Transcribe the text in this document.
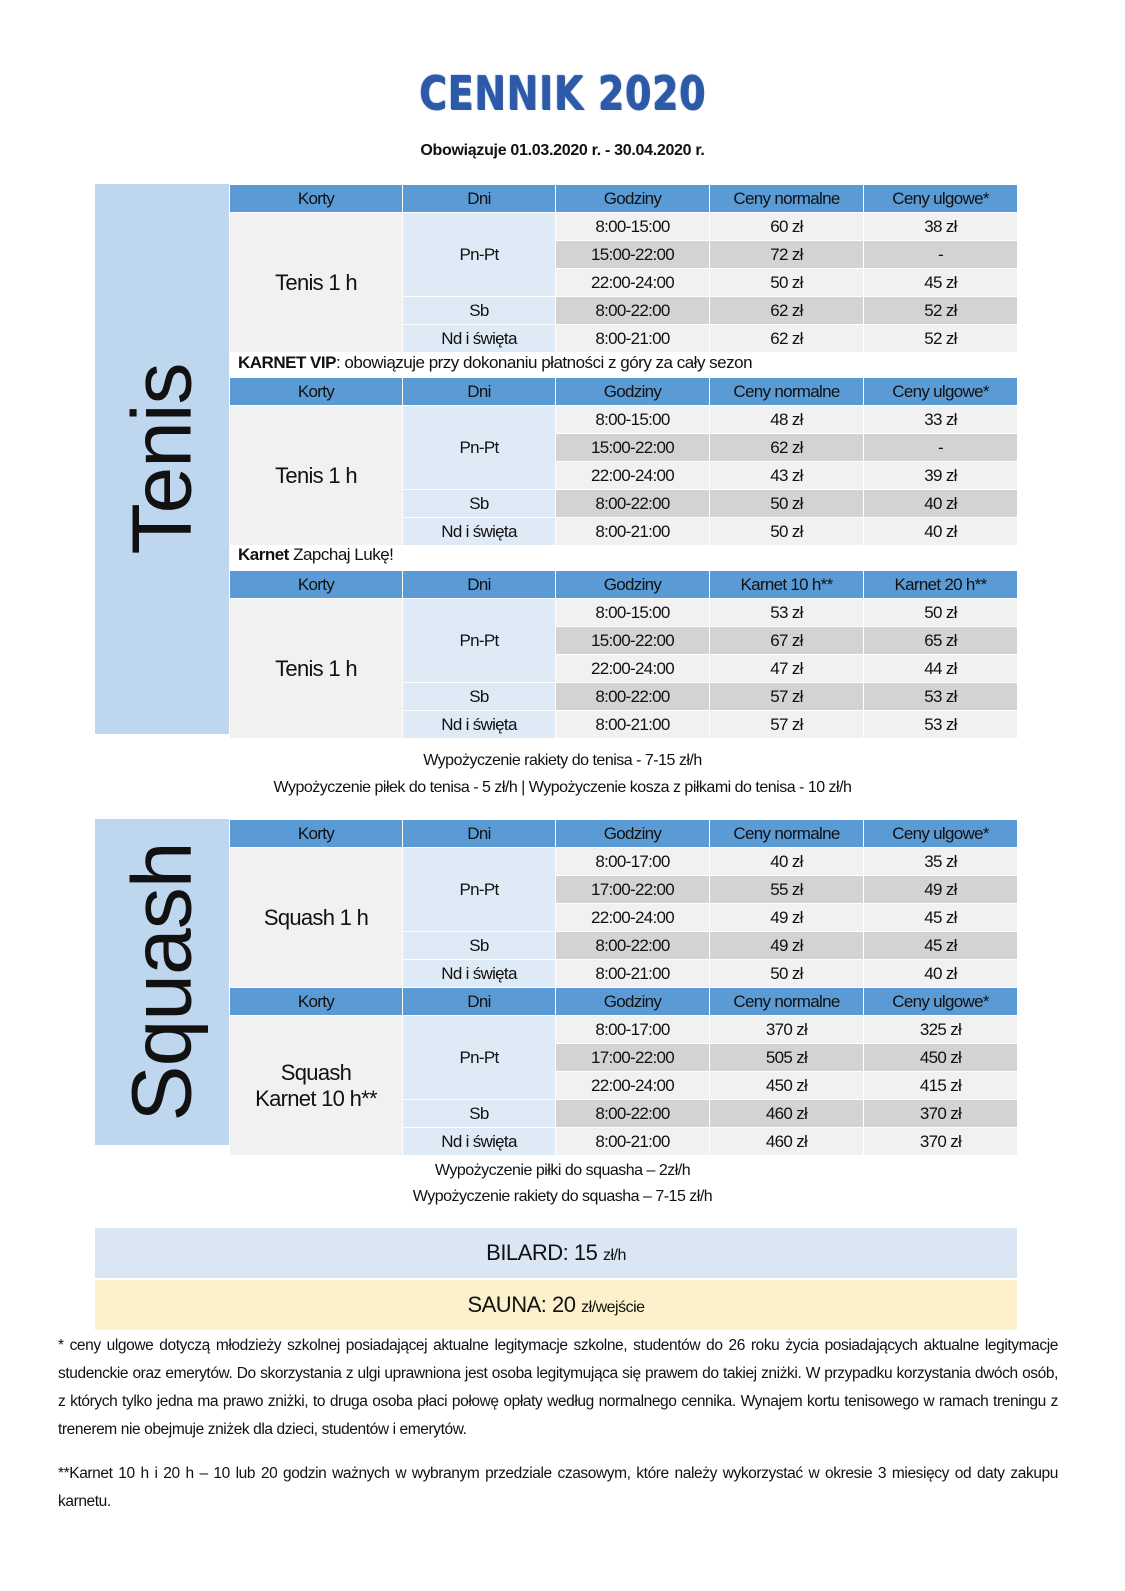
CENNIK 2020
Obowiązuje 01.03.2020 r. - 30.04.2020 r.
Tenis
Korty	Dni	Godziny	Ceny normalne	Ceny ulgowe*
Tenis 1 h	Pn-Pt	8:00-15:00	60 zł	38 zł
		15:00-22:00	72 zł	-
		22:00-24:00	50 zł	45 zł
	Sb	8:00-22:00	62 zł	52 zł
	Nd i święta	8:00-21:00	62 zł	52 zł
KARNET VIP: obowiązuje przy dokonaniu płatności z góry za cały sezon
Korty	Dni	Godziny	Ceny normalne	Ceny ulgowe*
Tenis 1 h	Pn-Pt	8:00-15:00	48 zł	33 zł
		15:00-22:00	62 zł	-
		22:00-24:00	43 zł	39 zł
	Sb	8:00-22:00	50 zł	40 zł
	Nd i święta	8:00-21:00	50 zł	40 zł
Karnet Zapchaj Lukę!
Korty	Dni	Godziny	Karnet 10 h**	Karnet 20 h**
Tenis 1 h	Pn-Pt	8:00-15:00	53 zł	50 zł
		15:00-22:00	67 zł	65 zł
		22:00-24:00	47 zł	44 zł
	Sb	8:00-22:00	57 zł	53 zł
	Nd i święta	8:00-21:00	57 zł	53 zł
Wypożyczenie rakiety do tenisa - 7-15 zł/h
Wypożyczenie piłek do tenisa - 5 zł/h | Wypożyczenie kosza z piłkami do tenisa - 10 zł/h
Squash
Korty	Dni	Godziny	Ceny normalne	Ceny ulgowe*
Squash 1 h	Pn-Pt	8:00-17:00	40 zł	35 zł
		17:00-22:00	55 zł	49 zł
		22:00-24:00	49 zł	45 zł
	Sb	8:00-22:00	49 zł	45 zł
	Nd i święta	8:00-21:00	50 zł	40 zł
Korty	Dni	Godziny	Ceny normalne	Ceny ulgowe*

Squash
Karnet 10 h**	Pn-Pt	8:00-17:00	370 zł	325 zł
		17:00-22:00	505 zł	450 zł
		22:00-24:00	450 zł	415 zł
	Sb	8:00-22:00	460 zł	370 zł
	Nd i święta	8:00-21:00	460 zł	370 zł
Wypożyczenie piłki do squasha – 2zł/h
Wypożyczenie rakiety do squasha – 7-15 zł/h
BILARD: 15 zł/h
SAUNA: 20 zł/wejście
* ceny ulgowe dotyczą młodzieży szkolnej posiadającej aktualne legitymacje szkolne, studentów do 26 roku życia posiadających aktualne legitymacje studenckie oraz emerytów. Do skorzystania z ulgi uprawniona jest osoba legitymująca się prawem do takiej zniżki. W przypadku korzystania dwóch osób, z których tylko jedna ma prawo zniżki, to druga osoba płaci połowę opłaty według normalnego cennika. Wynajem kortu tenisowego w ramach treningu z trenerem nie obejmuje zniżek dla dzieci, studentów i emerytów.
**Karnet 10 h i 20 h – 10 lub 20 godzin ważnych w wybranym przedziale czasowym, które należy wykorzystać w okresie 3 miesięcy od daty zakupu karnetu.
